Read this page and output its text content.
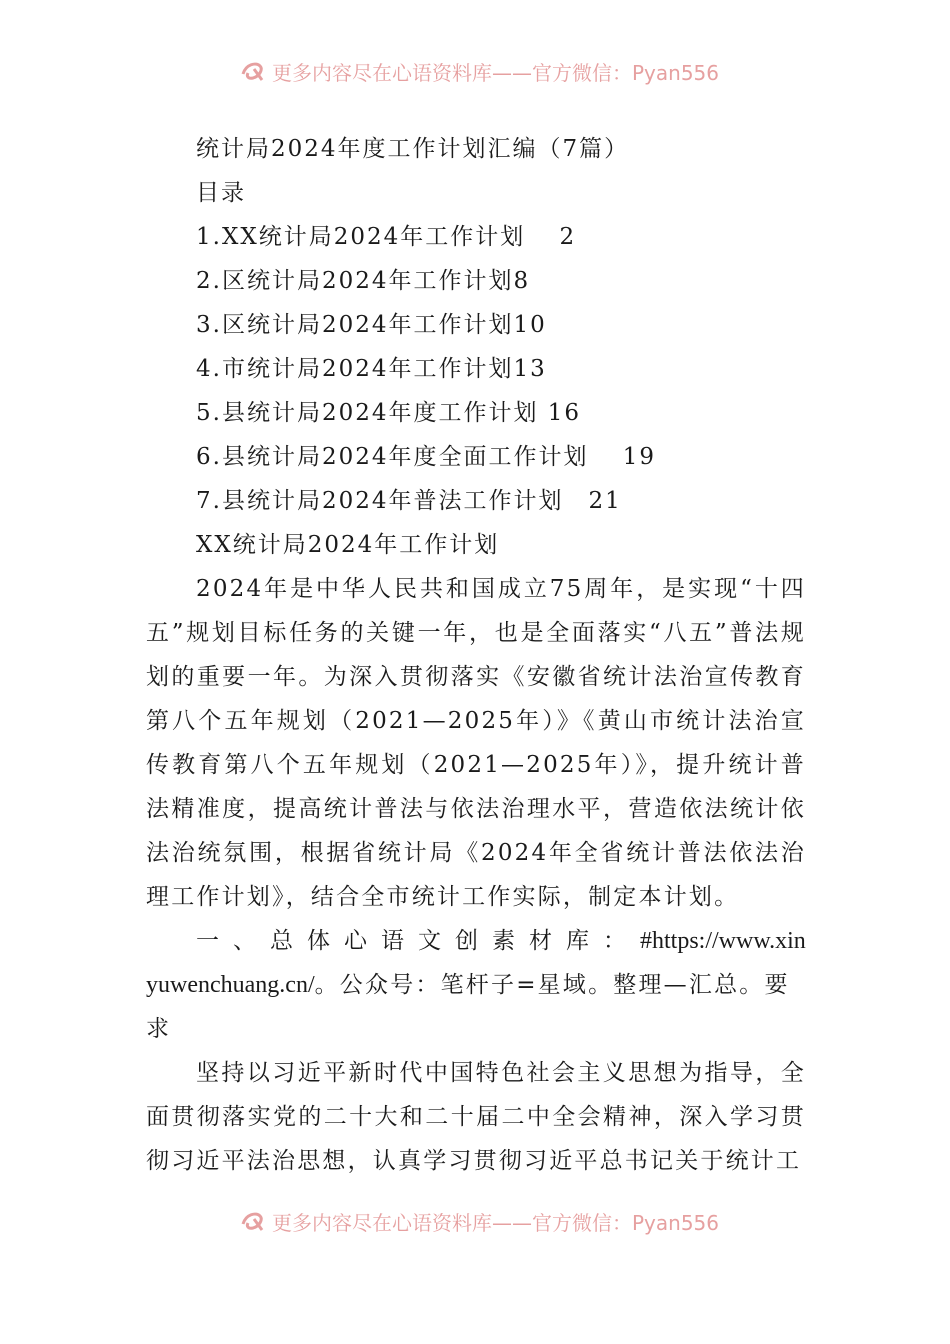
更多内容尽在心语资料库——官方微信：Pyan556
统计局2024年度工作计划汇编（7篇）
目录
1.XX统计局2024年工作计划　 2
2.区统计局2024年工作计划8
3.区统计局2024年工作计划10
4.市统计局2024年工作计划13
5.县统计局2024年度工作计划 16
6.县统计局2024年度全面工作计划　 19
7.县统计局2024年普法工作计划　21
XX统计局2024年工作计划

2024年是中华人民共和国成立75周年，是实现“十四五”规划目标任务的关键一年，也是全面落实“八五”普法规划的重要一年。为深入贯彻落实《安徽省统计法治宣传教育第八个五年规划（2021—2025年）》《黄山市统计法治宣传教育第八个五年规划（2021—2025年）》，提升统计普法精准度，提高统计普法与依法治理水平，营造依法统计依法治统氛围，根据省统计局《2024年全省统计普法依法治理工作计划》，结合全市统计工作实际，制定本计划。

一、总体心语文创素材库：#https://www.xinyuwenchuang.cn/。公众号：笔杆子=星域。整理—汇总。要求

坚持以习近平新时代中国特色社会主义思想为指导，全面贯彻落实党的二十大和二十届二中全会精神，深入学习贯彻习近平法治思想，认真学习贯彻习近平总书记关于统计工

更多内容尽在心语资料库——官方微信：Pyan556
